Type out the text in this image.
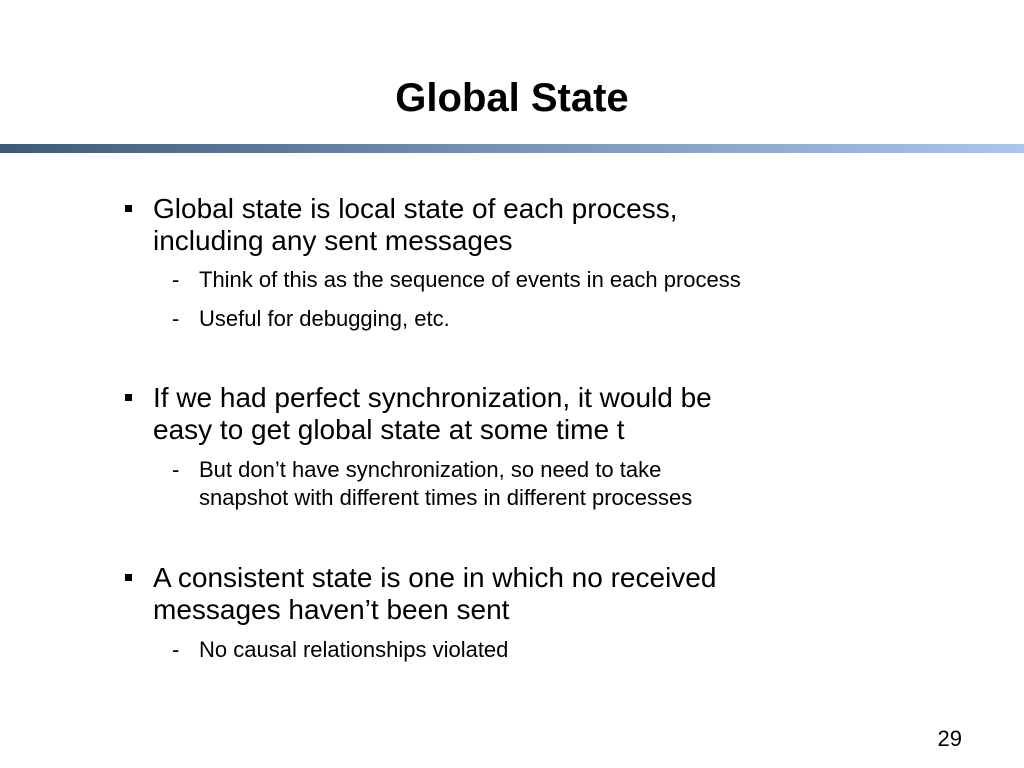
Global State

Global state is local state of each process,

including any sent messages

- Think of this as the sequence of events in each process
- Useful for debugging, etc.

If we had perfect synchronization, it would be

easy to get global state at some time t

- But don’t have synchronization, so need to take
snapshot with different times in different processes

A consistent state is one in which no received

messages haven’t been sent

- No causal relationships violated
29
